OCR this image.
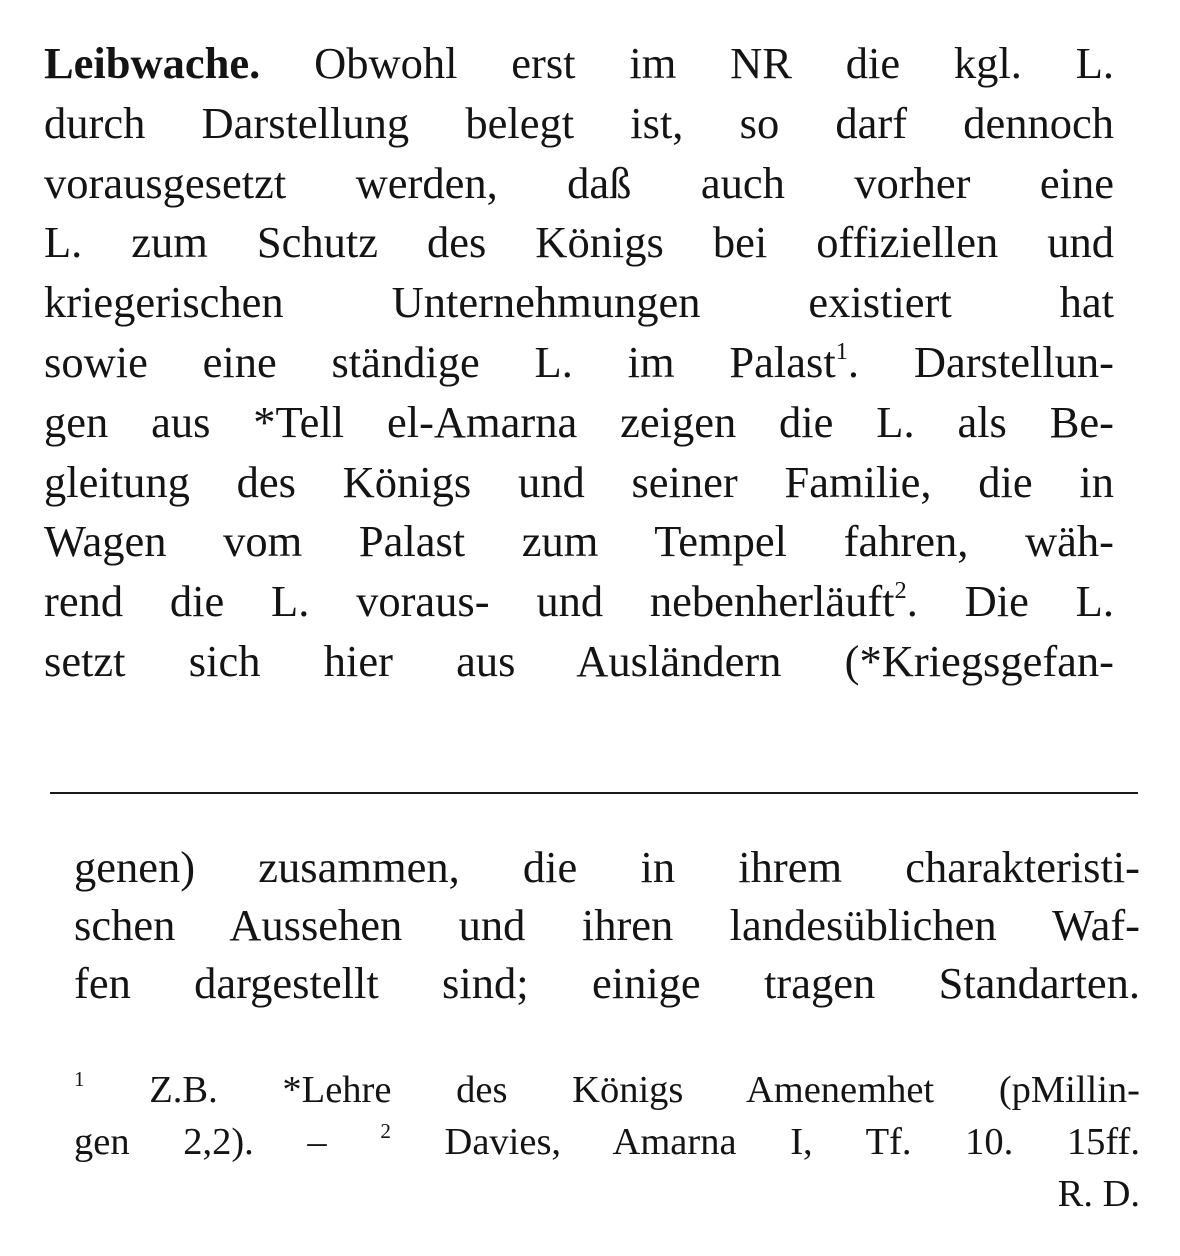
Leibwache. Obwohl erst im NR die kgl. L.
durch Darstellung belegt ist, so darf dennoch
vorausgesetzt werden, daß auch vorher eine
L. zum Schutz des Königs bei offiziellen und
kriegerischen Unternehmungen existiert hat
sowie eine ständige L. im Palast$^1$. Darstellun-
gen aus *Tell el-Amarna zeigen die L. als Be-
gleitung des Königs und seiner Familie, die in
Wagen vom Palast zum Tempel fahren, wäh-
rend die L. voraus- und nebenherläuft$^2$. Die L.
setzt sich hier aus Ausländern (*Kriegsgefan-
genen) zusammen, die in ihrem charakteristi-
schen Aussehen und ihren landesüblichen Waf-
fen dargestellt sind; einige tragen Standarten.
$^1$ Z.B. *Lehre des Königs Amenemhet (pMillin-
gen 2,2). – $^2$ Davies, Amarna I, Tf. 10. 15ff.
R. D.
